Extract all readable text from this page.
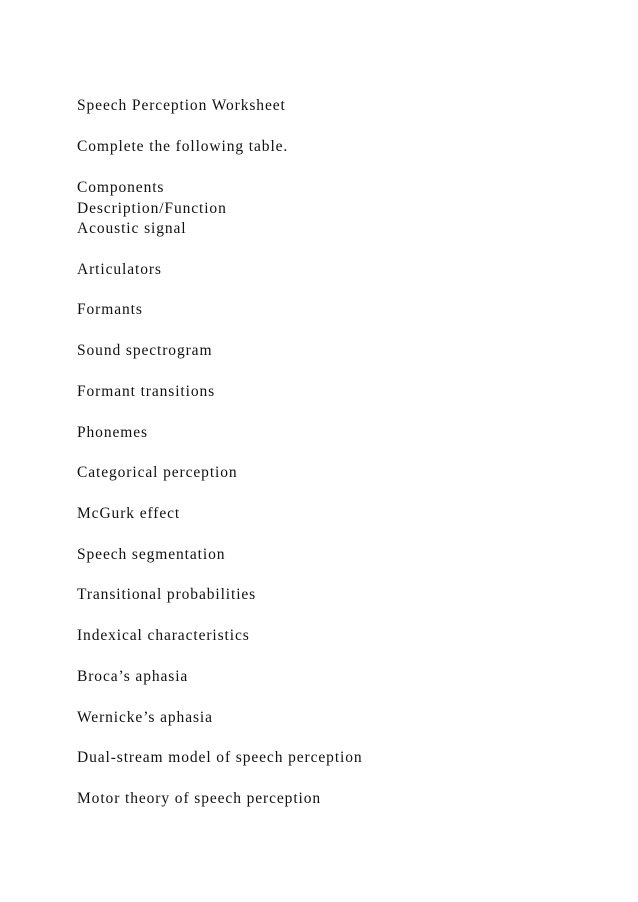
Speech Perception Worksheet
Complete the following table.
Components
Description/Function
Acoustic signal
Articulators
Formants
Sound spectrogram
Formant transitions
Phonemes
Categorical perception
McGurk effect
Speech segmentation
Transitional probabilities
Indexical characteristics
Broca’s aphasia
Wernicke’s aphasia
Dual-stream model of speech perception
Motor theory of speech perception
